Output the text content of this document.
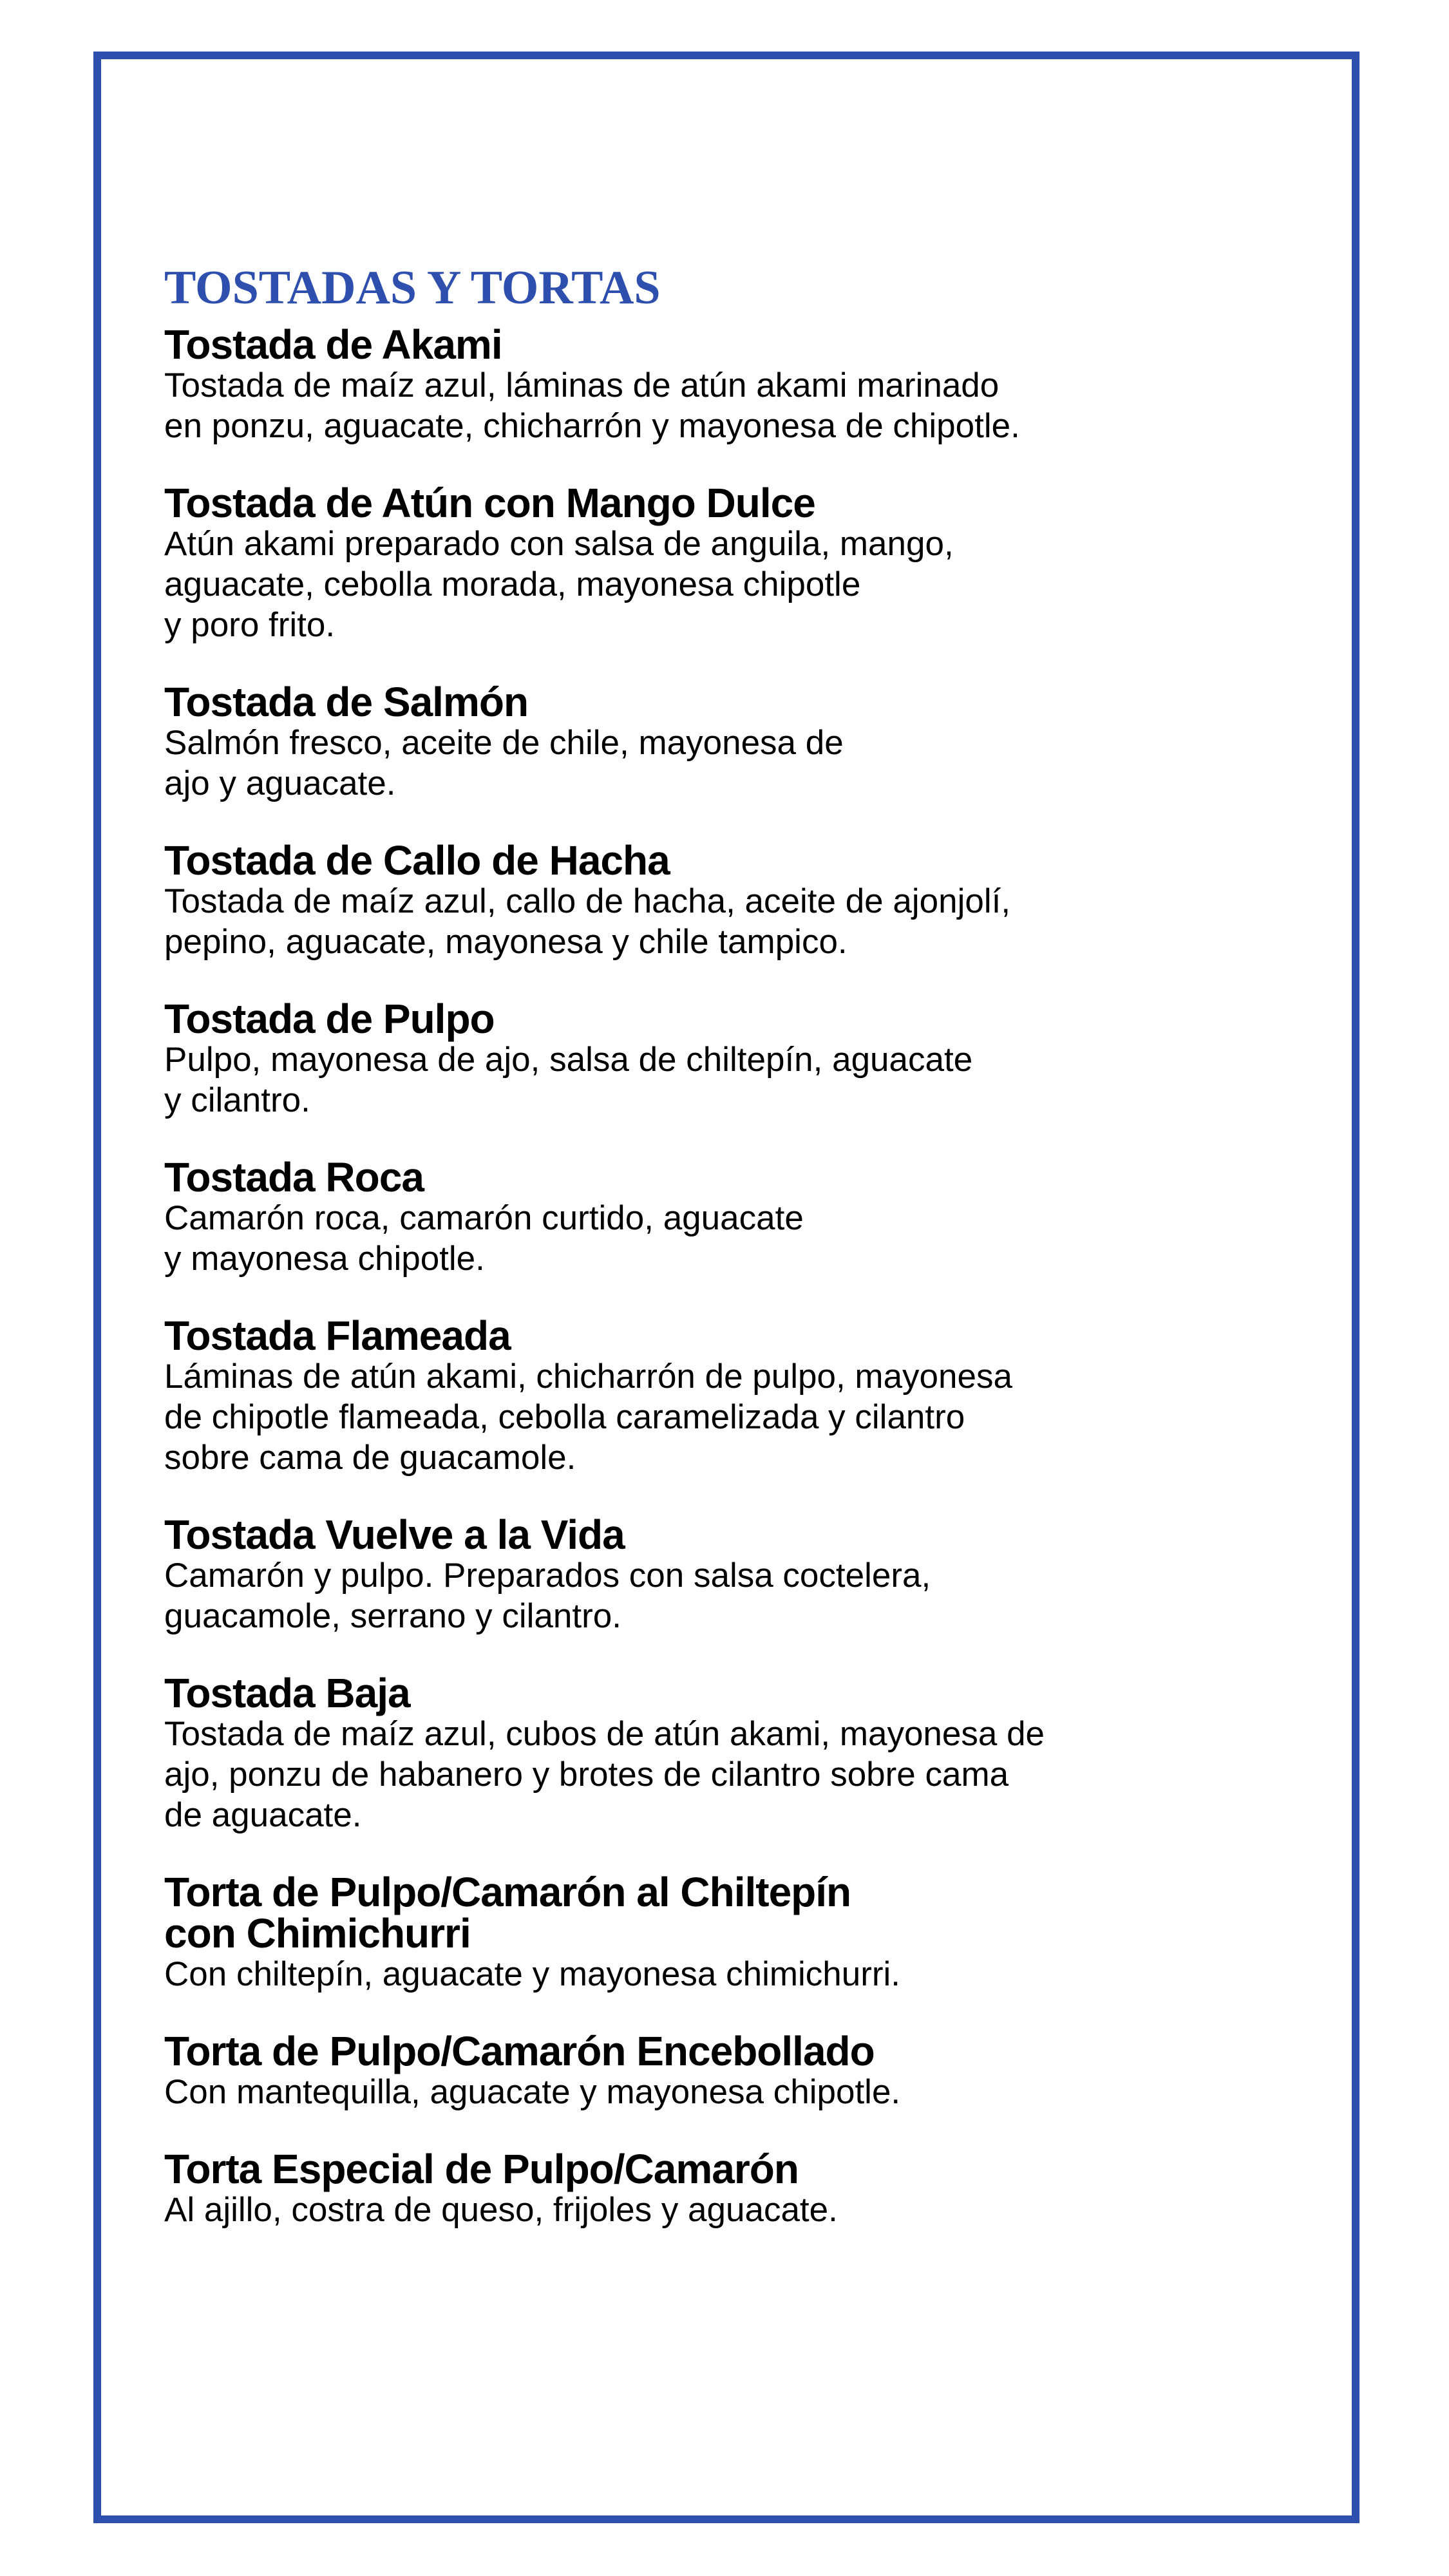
TOSTADAS Y TORTAS

Tostada de Akami

Tostada de maíz azul, láminas de atún akami marinado
en ponzu, aguacate, chicharrón y mayonesa de chipotle.

Tostada de Atún con Mango Dulce

Atún akami preparado con salsa de anguila, mango,
aguacate, cebolla morada, mayonesa chipotle
y poro frito.

Tostada de Salmón

Salmón fresco, aceite de chile, mayonesa de
ajo y aguacate.

Tostada de Callo de Hacha

Tostada de maíz azul, callo de hacha, aceite de ajonjolí,
pepino, aguacate, mayonesa y chile tampico.

Tostada de Pulpo

Pulpo, mayonesa de ajo, salsa de chiltepín, aguacate
y cilantro.

Tostada Roca

Camarón roca, camarón curtido, aguacate
y mayonesa chipotle.

Tostada Flameada

Láminas de atún akami, chicharrón de pulpo, mayonesa
de chipotle flameada, cebolla caramelizada y cilantro
sobre cama de guacamole.

Tostada Vuelve a la Vida

Camarón y pulpo. Preparados con salsa coctelera,
guacamole, serrano y cilantro.

Tostada Baja

Tostada de maíz azul, cubos de atún akami, mayonesa de
ajo, ponzu de habanero y brotes de cilantro sobre cama
de aguacate.

Torta de Pulpo/Camarón al Chiltepín
con Chimichurri

Con chiltepín, aguacate y mayonesa chimichurri.

Torta de Pulpo/Camarón Encebollado

Con mantequilla, aguacate y mayonesa chipotle.

Torta Especial de Pulpo/Camarón

Al ajillo, costra de queso, frijoles y aguacate.
